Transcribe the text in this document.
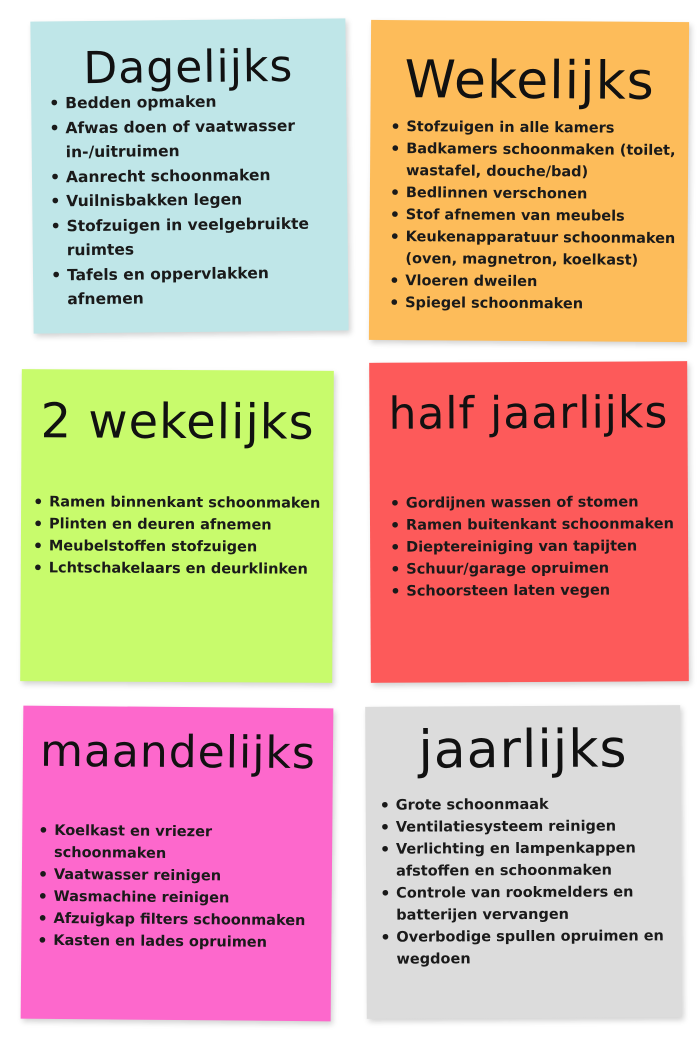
Dagelijks
• Bedden opmaken
• Afwas doen of vaatwasser in-/uitruimen
• Aanrecht schoonmaken
• Vuilnisbakken legen
• Stofzuigen in veelgebruikte ruimtes
• Tafels en oppervlakken afnemen
Wekelijks
• Stofzuigen in alle kamers
• Badkamers schoonmaken (toilet, wastafel, douche/bad)
• Bedlinnen verschonen
• Stof afnemen van meubels
• Keukenapparatuur schoonmaken (oven, magnetron, koelkast)
• Vloeren dweilen
• Spiegel schoonmaken
2 wekelijks
• Ramen binnenkant schoonmaken
• Plinten en deuren afnemen
• Meubelstoffen stofzuigen
• Lchtschakelaars en deurklinken
half jaarlijks
• Gordijnen wassen of stomen
• Ramen buitenkant schoonmaken
• Dieptereiniging van tapijten
• Schuur/garage opruimen
• Schoorsteen laten vegen
maandelijks
• Koelkast en vriezer schoonmaken
• Vaatwasser reinigen
• Wasmachine reinigen
• Afzuigkap filters schoonmaken
• Kasten en lades opruimen
jaarlijks
• Grote schoonmaak
• Ventilatiesysteem reinigen
• Verlichting en lampenkappen afstoffen en schoonmaken
• Controle van rookmelders en batterijen vervangen
• Overbodige spullen opruimen en wegdoen
